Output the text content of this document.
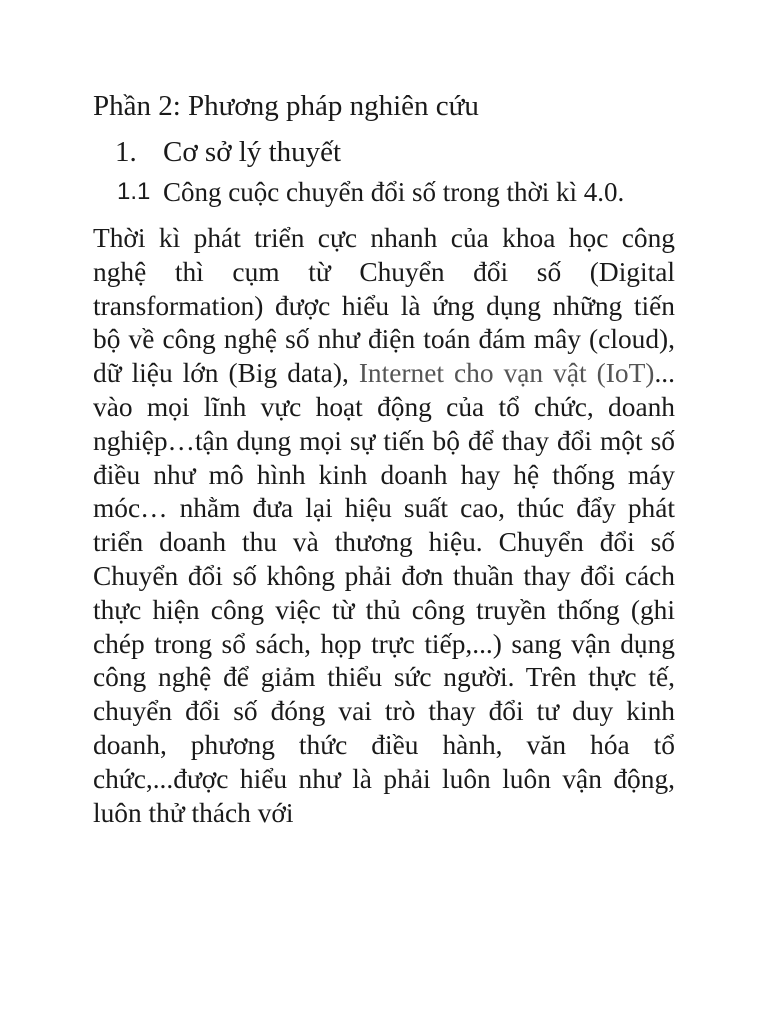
Phần 2: Phương pháp nghiên cứu
1. Cơ sở lý thuyết
1.1 Công cuộc chuyển đổi số trong thời kì 4.0.

Thời kì phát triển cực nhanh của khoa học công nghệ thì cụm từ Chuyển đổi số (Digital transformation) được hiểu là ứng dụng những tiến bộ về công nghệ số như điện toán đám mây (cloud), dữ liệu lớn (Big data), Internet cho vạn vật (IoT)... vào mọi lĩnh vực hoạt động của tổ chức, doanh nghiệp…tận dụng mọi sự tiến bộ để thay đổi một số điều như mô hình kinh doanh hay hệ thống máy móc… nhằm đưa lại hiệu suất cao, thúc đẩy phát triển doanh thu và thương hiệu. Chuyển đổi số Chuyển đổi số không phải đơn thuần thay đổi cách thực hiện công việc từ thủ công truyền thống (ghi chép trong sổ sách, họp trực tiếp,...) sang vận dụng công nghệ để giảm thiểu sức người. Trên thực tế, chuyển đổi số đóng vai trò thay đổi tư duy kinh doanh, phương thức điều hành, văn hóa tổ chức,...được hiểu như là phải luôn luôn vận động, luôn thử thách với
